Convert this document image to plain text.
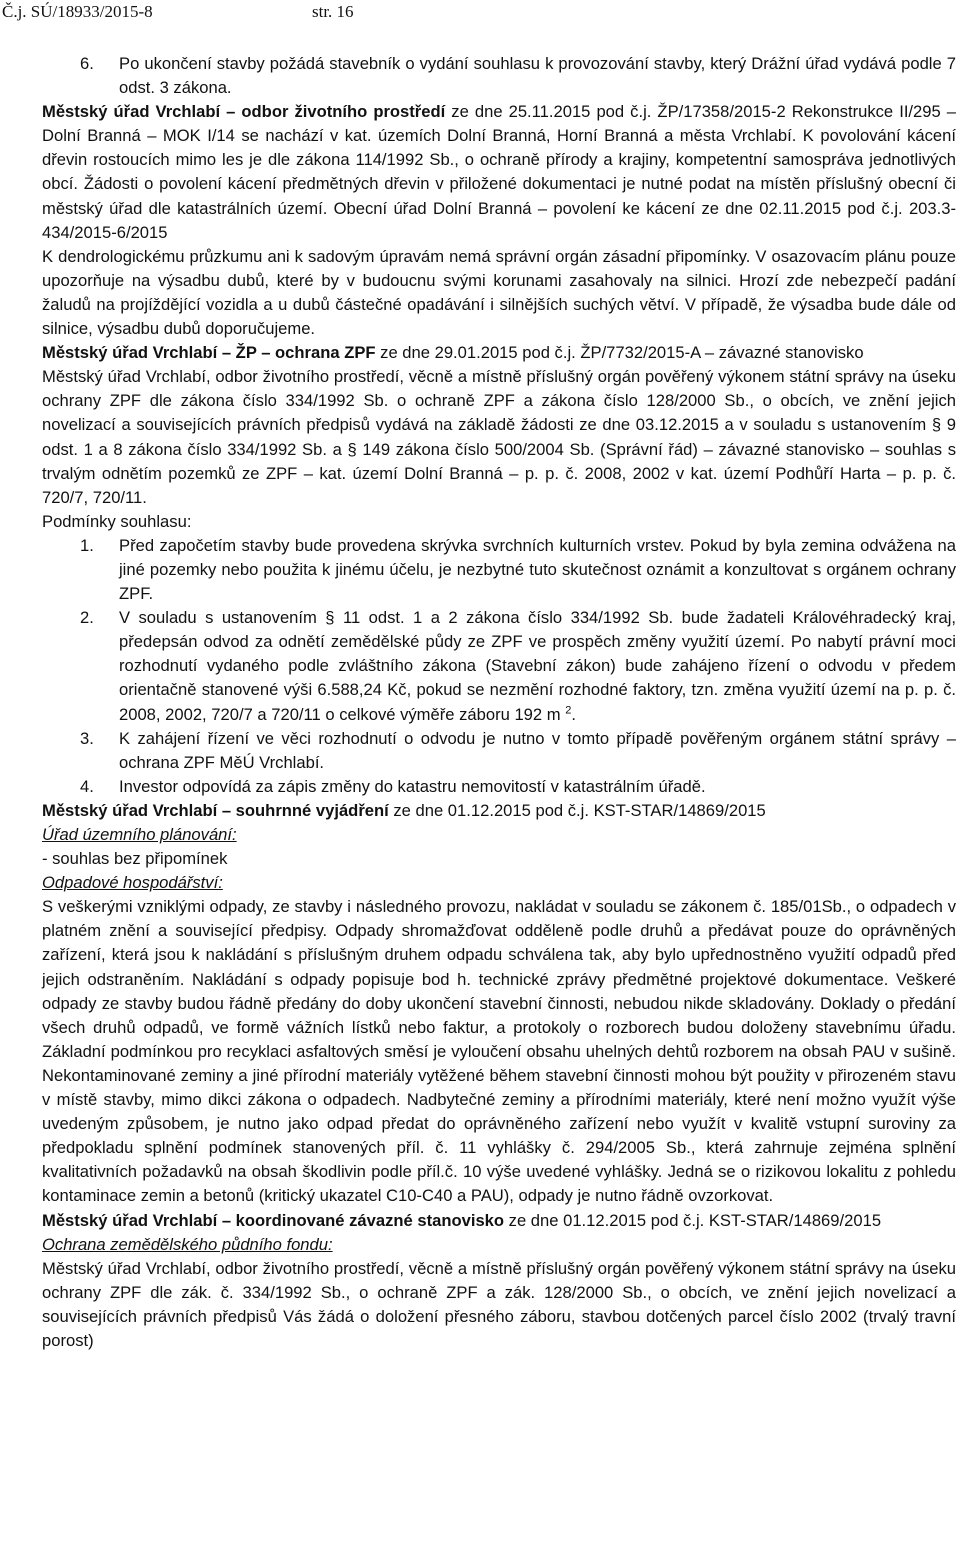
Č.j. SÚ/18933/2015-8	str. 16
6. Po ukončení stavby požádá stavebník o vydání souhlasu k provozování stavby, který Drážní úřad vydává podle 7 odst. 3 zákona.

Městský úřad Vrchlabí – odbor životního prostředí ze dne 25.11.2015 pod č.j. ŽP/17358/2015-2 Rekonstrukce II/295 – Dolní Branná – MOK I/14 se nachází v kat. územích Dolní Branná, Horní Branná a města Vrchlabí. K povolování kácení dřevin rostoucích mimo les je dle zákona 114/1992 Sb., o ochraně přírody a krajiny, kompetentní samospráva jednotlivých obcí. Žádosti o povolení kácení předmětných dřevin v přiložené dokumentaci je nutné podat na místěn příslušný obecní či městský úřad dle katastrálních území. Obecní úřad Dolní Branná – povolení ke kácení ze dne 02.11.2015 pod č.j. 203.3-434/2015-6/2015

K dendrologickému průzkumu ani k sadovým úpravám nemá správní orgán zásadní připomínky. V osazovacím plánu pouze upozorňuje na výsadbu dubů, které by v budoucnu svými korunami zasahovaly na silnici. Hrozí zde nebezpečí padání žaludů na projíždějící vozidla a u dubů částečné opadávání i silnějších suchých větví. V případě, že výsadba bude dále od silnice, výsadbu dubů doporučujeme.

Městský úřad Vrchlabí – ŽP – ochrana ZPF ze dne 29.01.2015 pod č.j. ŽP/7732/2015-A – závazné stanovisko

Městský úřad Vrchlabí, odbor životního prostředí, věcně a místně příslušný orgán pověřený výkonem státní správy na úseku ochrany ZPF dle zákona číslo 334/1992 Sb. o ochraně ZPF a zákona číslo 128/2000 Sb., o obcích, ve znění jejich novelizací a souvisejících právních předpisů vydává na základě žádosti ze dne 03.12.2015 a v souladu s ustanovením § 9 odst. 1 a 8 zákona číslo 334/1992 Sb. a § 149 zákona číslo 500/2004 Sb. (Správní řád) – závazné stanovisko – souhlas s trvalým odnětím pozemků ze ZPF – kat. území Dolní Branná – p. p. č. 2008, 2002 v kat. území Podhůří Harta – p. p. č. 720/7, 720/11.

Podmínky souhlasu:

1. Před započetím stavby bude provedena skrývka svrchních kulturních vrstev. Pokud by byla zemina odvážena na jiné pozemky nebo použita k jinému účelu, je nezbytné tuto skutečnost oznámit a konzultovat s orgánem ochrany ZPF.
2. V souladu s ustanovením § 11 odst. 1 a 2 zákona číslo 334/1992 Sb. bude žadateli Královéhradecký kraj, předepsán odvod za odnětí zemědělské půdy ze ZPF ve prospěch změny využití území. Po nabytí právní moci rozhodnutí vydaného podle zvláštního zákona (Stavební zákon) bude zahájeno řízení o odvodu v předem orientačně stanovené výši 6.588,24 Kč, pokud se nezmění rozhodné faktory, tzn. změna využití území na p. p. č. 2008, 2002, 720/7 a 720/11 o celkové výměře záboru 192 m $^2$.
3. K zahájení řízení ve věci rozhodnutí o odvodu je nutno v tomto případě pověřeným orgánem státní správy – ochrana ZPF MěÚ Vrchlabí.
4. Investor odpovídá za zápis změny do katastru nemovitostí v katastrálním úřadě.

Městský úřad Vrchlabí – souhrnné vyjádření ze dne 01.12.2015 pod č.j. KST-STAR/14869/2015

Úřad územního plánování:

- souhlas bez připomínek

Odpadové hospodářství:

S veškerými vzniklými odpady, ze stavby i následného provozu, nakládat v souladu se zákonem č. 185/01Sb., o odpadech v platném znění a související předpisy. Odpady shromažďovat odděleně podle druhů a předávat pouze do oprávněných zařízení, která jsou k nakládání s příslušným druhem odpadu schválena tak, aby bylo upřednostněno využití odpadů před jejich odstraněním. Nakládání s odpady popisuje bod h. technické zprávy předmětné projektové dokumentace. Veškeré odpady ze stavby budou řádně předány do doby ukončení stavební činnosti, nebudou nikde skladovány. Doklady o předání všech druhů odpadů, ve formě vážních lístků nebo faktur, a protokoly o rozborech budou doloženy stavebnímu úřadu. Základní podmínkou pro recyklaci asfaltových směsí je vyloučení obsahu uhelných dehtů rozborem na obsah PAU v sušině. Nekontaminované zeminy a jiné přírodní materiály vytěžené během stavební činnosti mohou být použity v přirozeném stavu v místě stavby, mimo dikci zákona o odpadech. Nadbytečné zeminy a přírodními materiály, které není možno využít výše uvedeným způsobem, je nutno jako odpad předat do oprávněného zařízení nebo využít v kvalitě vstupní suroviny za předpokladu splnění podmínek stanovených příl. č. 11 vyhlášky č. 294/2005 Sb., která zahrnuje zejména splnění kvalitativních požadavků na obsah škodlivin podle příl.č. 10 výše uvedené vyhlášky. Jedná se o rizikovou lokalitu z pohledu kontaminace zemin a betonů (kritický ukazatel C10-C40 a PAU), odpady je nutno řádně ovzorkovat.

Městský úřad Vrchlabí – koordinované závazné stanovisko ze dne 01.12.2015 pod č.j. KST-STAR/14869/2015

Ochrana zemědělského půdního fondu:

Městský úřad Vrchlabí, odbor životního prostředí, věcně a místně příslušný orgán pověřený výkonem státní správy na úseku ochrany ZPF dle zák. č. 334/1992 Sb., o ochraně ZPF a zák. 128/2000 Sb., o obcích, ve znění jejich novelizací a souvisejících právních předpisů Vás žádá o doložení přesného záboru, stavbou dotčených parcel číslo 2002 (trvalý travní porost)
